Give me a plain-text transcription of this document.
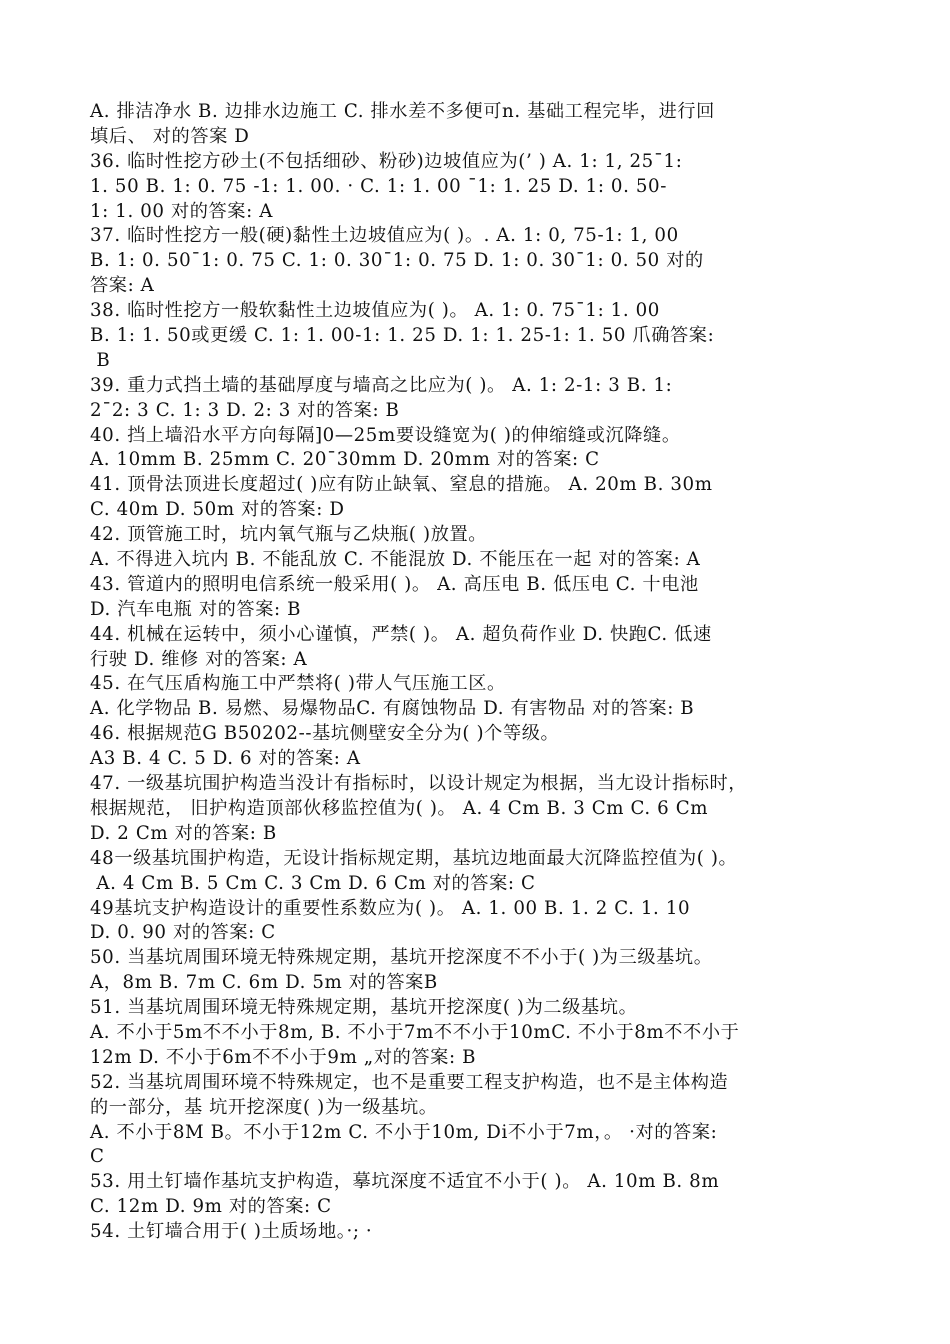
A. 排洁净水 B. 边排水边施工 C. 排水差不多便可n. 基础工程完毕，进行回
填后、 对的答案 D
36. 临时性挖方砂土(不包括细砂、粉砂)边坡值应为(’ ) A. 1: 1, 25¯1:
1. 50 B. 1: 0. 75 -1: 1. 00. · C. 1: 1. 00 ¯1: 1. 25 D. 1: 0. 50-
1: 1. 00 对的答案: A
37. 临时性挖方一般(硬)黏性土边坡值应为( )。. A. 1: 0, 75-1: 1, 00
B. 1: 0. 50¯1: 0. 75 C. 1: 0. 30¯1: 0. 75 D. 1: 0. 30¯1: 0. 50 对的
答案: A
38. 临时性挖方一般软黏性土边坡值应为( )。 A. 1: 0. 75¯1: 1. 00
B. 1: 1. 50或更缓 C. 1: 1. 00-1: 1. 25 D. 1: 1. 25-1: 1. 50 爪确答案:
B
39. 重力式挡土墙的基础厚度与墙高之比应为( )。 A. 1: 2-1: 3 B. 1:
2¯2: 3 C. 1: 3 D. 2: 3 对的答案: B
40. 挡上墙沿水平方向每隔]0—25m要设缝宽为( )的伸缩缝或沉降缝。
A. 10mm B. 25mm C. 20¯30mm D. 20mm 对的答案: C
41. 顶骨法顶进长度超过( )应有防止缺氧、窒息的措施。 A. 20m B. 30m
C. 40m D. 50m 对的答案: D
42. 顶管施工时，坑内氧气瓶与乙炔瓶( )放置。
A. 不得进入坑内 B. 不能乱放 C. 不能混放 D. 不能压在一起 对的答案: A
43. 管道内的照明电信系统一般采用( )。 A. 高压电 B. 低压电 C. 十电池
D. 汽车电瓶 对的答案: B
44. 机械在运转中，须小心谨慎，严禁( )。 A. 超负荷作业 D. 快跑C. 低速
行驶 D. 维修 对的答案: A
45. 在气压盾构施工中严禁将( )带人气压施工区。
A. 化学物品 B. 易燃、易爆物品C. 有腐蚀物品 D. 有害物品 对的答案: B
46. 根据规范G B50202--基坑侧壁安全分为( )个等级。
A3 B. 4 C. 5 D. 6 对的答案: A
47. 一级基坑围护构造当没计有指标时，以设计规定为根据，当尢设计指标时，
根据规范， 旧护构造顶部伙移监控值为( )。 A. 4 Cm B. 3 Cm C. 6 Cm
D. 2 Cm 对的答案: B
48一级基坑围护构造，无设计指标规定期，基坑边地面最大沉降监控值为( )。
A. 4 Cm B. 5 Cm C. 3 Cm D. 6 Cm 对的答案: C
49基坑支护构造设计的重要性系数应为( )。 A. 1. 00 B. 1. 2 C. 1. 10
D. 0. 90 对的答案: C
50. 当基坑周围环境无特殊规定期，基坑开挖深度不不小于( )为三级基坑。
A，8m B. 7m C. 6m D. 5m 对的答案B
51. 当基坑周围环境无特殊规定期，基坑开挖深度( )为二级基坑。
A. 不小于5m不不小于8m, B. 不小于7m不不小于10mC. 不小于8m不不小于
12m D. 不小于6m不不小于9m „对的答案: B
52. 当基坑周围环境不特殊规定，也不是重要工程支护构造，也不是主体构造
的一部分，基 坑开挖深度( )为一级基坑。
A. 不小于8M B。不小于12m C. 不小于10m, Di不小于7m，。 ·对的答案:
C
53. 用土钉墙作基坑支护构造，摹坑深度不适宜不小于( )。 A. 10m B. 8m
C. 12m D. 9m 对的答案: C
54. 土钉墙合用于( )土质场地。·; ·
